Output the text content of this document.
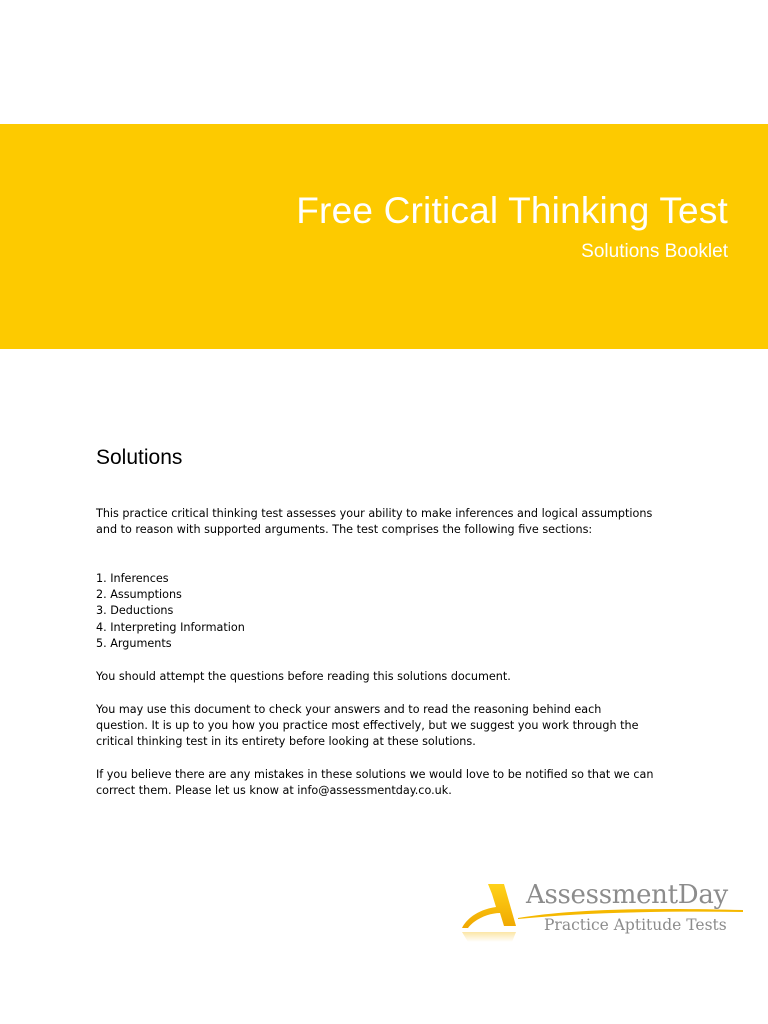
Free Critical Thinking Test
Solutions Booklet
Solutions

This practice critical thinking test assesses your ability to make inferences and logical assumptions and to reason with supported arguments. The test comprises the following five sections:

1. Inferences
2. Assumptions
3. Deductions
4. Interpreting Information
5. Arguments

You should attempt the questions before reading this solutions document.

You may use this document to check your answers and to read the reasoning behind each question. It is up to you how you practice most effectively, but we suggest you work through the critical thinking test in its entirety before looking at these solutions.

If you believe there are any mistakes in these solutions we would love to be notified so that we can correct them. Please let us know at info@assessmentday.co.uk.

AssessmentDay
Practice Aptitude Tests
